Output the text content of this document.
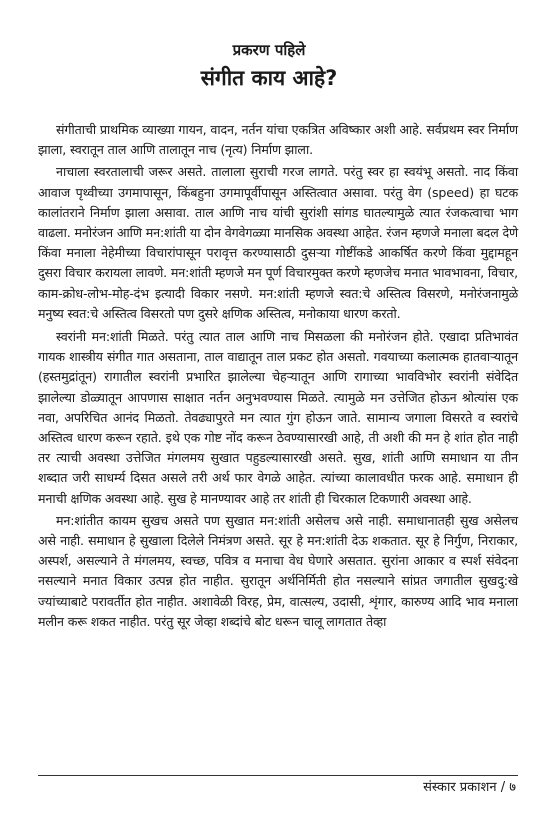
प्रकरण पहिले
संगीत काय आहे?

संगीताची प्राथमिक व्याख्या गायन, वादन, नर्तन यांचा एकत्रित अविष्कार अशी आहे. सर्वप्रथम स्वर निर्माण झाला, स्वरातून ताल आणि तालातून नाच (नृत्य) निर्माण झाला.

नाचाला स्वरतालाची जरूर असते. तालाला सुराची गरज लागते. परंतु स्वर हा स्वयंभू असतो. नाद किंवा आवाज पृथ्वीच्या उगमापासून, किंबहुना उगमापूर्वीपासून अस्तित्वात असावा. परंतु वेग (speed) हा घटक कालांतराने निर्माण झाला असावा. ताल आणि नाच यांची सुरांशी सांगड घातल्यामुळे त्यात रंजकत्वाचा भाग वाढला. मनोरंजन आणि मन:शांती या दोन वेगवेगळ्या मानसिक अवस्था आहेत. रंजन म्हणजे मनाला बदल देणे किंवा मनाला नेहेमीच्या विचारांपासून परावृत्त करण्यासाठी दुसऱ्या गोष्टींकडे आकर्षित करणे किंवा मुद्दामहून दुसरा विचार करायला लावणे. मन:शांती म्हणजे मन पूर्ण विचारमुक्त करणे म्हणजेच मनात भावभावना, विचार, काम-क्रोध-लोभ-मोह-दंभ इत्यादी विकार नसणे. मन:शांती म्हणजे स्वत:चे अस्तित्व विसरणे, मनोरंजनामुळे मनुष्य स्वत:चे अस्तित्व विसरतो पण दुसरे क्षणिक अस्तित्व, मनोकाया धारण करतो.

स्वरांनी मन:शांती मिळते. परंतु त्यात ताल आणि नाच मिसळला की मनोरंजन होते. एखादा प्रतिभावंत गायक शास्त्रीय संगीत गात असताना, ताल वाद्यातून ताल प्रकट होत असतो. गवयाच्या कलात्मक हातवाऱ्यातून (हस्तमुद्रांतून) रागातील स्वरांनी प्रभारित झालेल्या चेहऱ्यातून आणि रागाच्या भावविभोर स्वरांनी संवेदित झालेल्या डोळ्यातून आपणास साक्षात नर्तन अनुभवण्यास मिळते. त्यामुळे मन उत्तेजित होऊन श्रोत्यांस एक नवा, अपरिचित आनंद मिळतो. तेवढ्यापुरते मन त्यात गुंग होऊन जाते. सामान्य जगाला विसरते व स्वरांचे अस्तित्व धारण करून रहाते. इथे एक गोष्ट नोंद करून ठेवण्यासारखी आहे, ती अशी की मन हे शांत होत नाही तर त्याची अवस्था उत्तेजित मंगलमय सुखात पहुडल्यासारखी असते. सुख, शांती आणि समाधान या तीन शब्दात जरी साधर्म्य दिसत असले तरी अर्थ फार वेगळे आहेत. त्यांच्या कालावधीत फरक आहे. समाधान ही मनाची क्षणिक अवस्था आहे. सुख हे मानण्यावर आहे तर शांती ही चिरकाल टिकणारी अवस्था आहे.

मन:शांतीत कायम सुखच असते पण सुखात मन:शांती असेलच असे नाही. समाधानातही सुख असेलच असे नाही. समाधान हे सुखाला दिलेले निमंत्रण असते. सूर हे मन:शांती देऊ शकतात. सूर हे निर्गुण, निराकार, अस्पर्श, असल्याने ते मंगलमय, स्वच्छ, पवित्र व मनाचा वेध घेणारे असतात. सुरांना आकार व स्पर्श संवेदना नसल्याने मनात विकार उत्पन्न होत नाहीत. सुरातून अर्थनिर्मिती होत नसल्याने सांप्रत जगातील सुखदु:खे ज्यांच्याबाटे परावर्तीत होत नाहीत. अशावेळी विरह, प्रेम, वात्सल्य, उदासी, शृंगार, कारुण्य आदि भाव मनाला मलीन करू शकत नाहीत. परंतु सूर जेव्हा शब्दांचे बोट धरून चालू लागतात तेव्हा

संस्कार प्रकाशन / ७
